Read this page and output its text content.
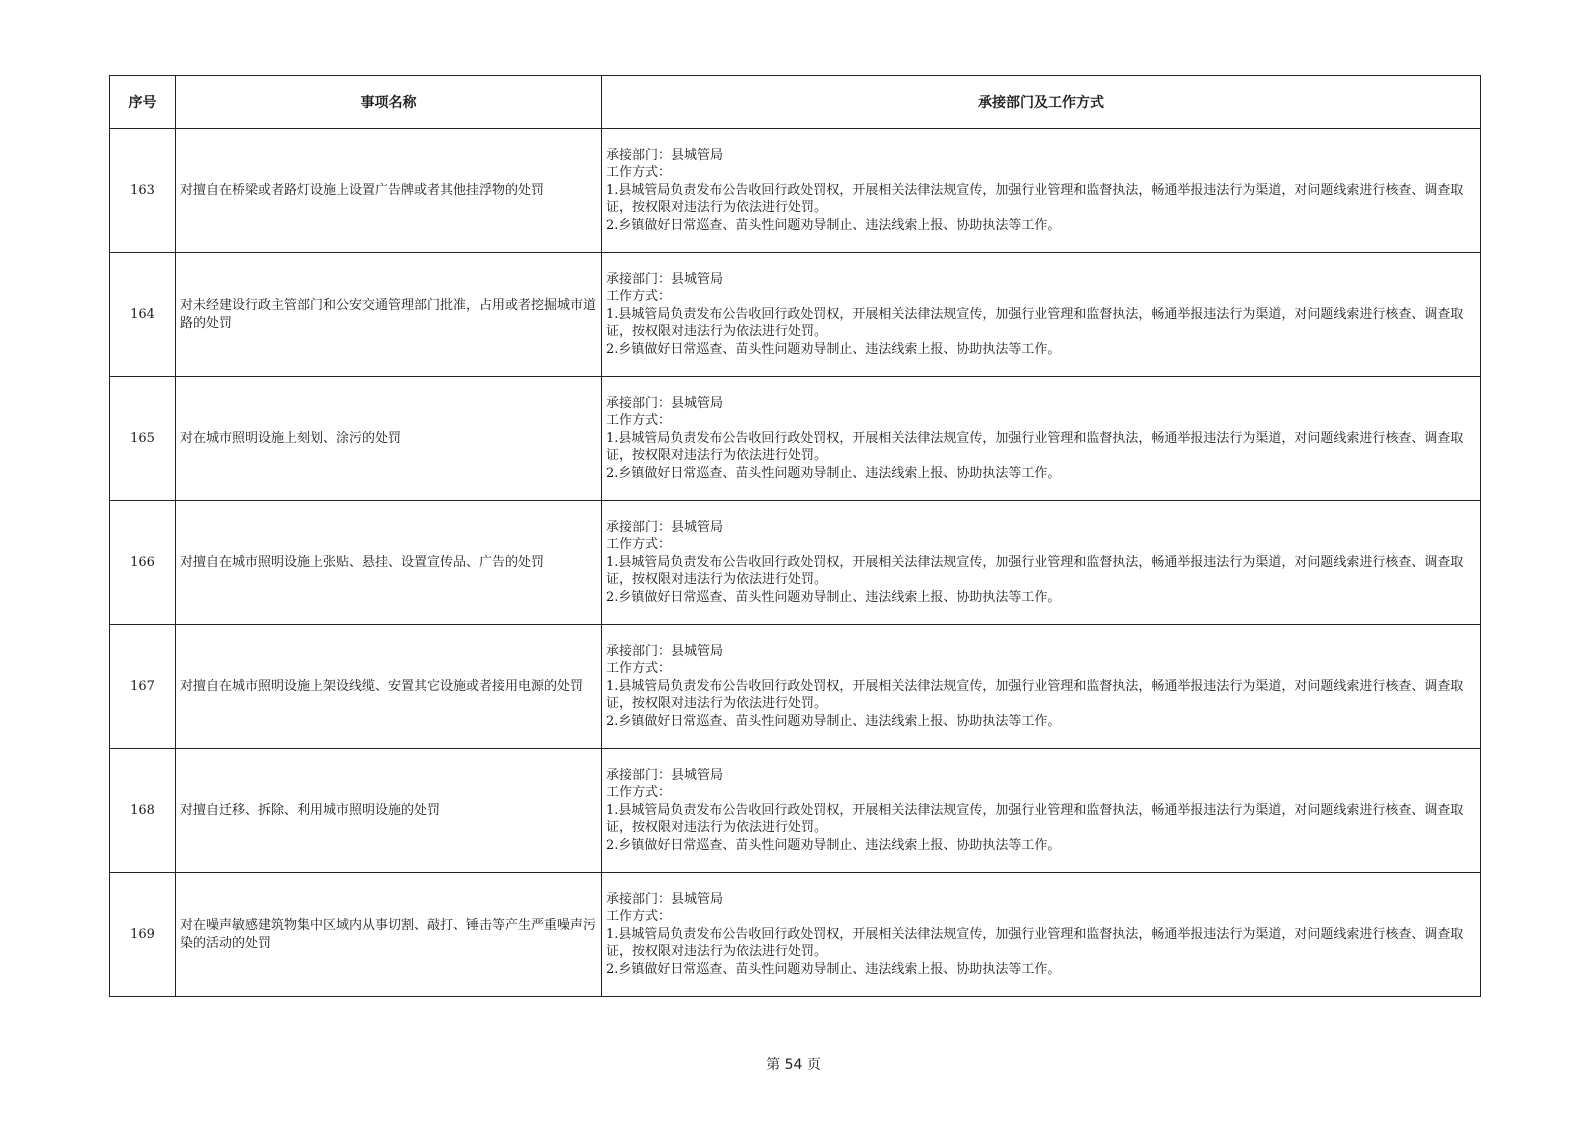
序号	事项名称	承接部门及工作方式
163	对擅自在桥梁或者路灯设施上设置广告牌或者其他挂浮物的处罚	承接部门：县城管局
工作方式：
1.县城管局负责发布公告收回行政处罚权，开展相关法律法规宣传，加强行业管理和监督执法，畅通举报违法行为渠道，对问题线索进行核查、调查取证，按权限对违法行为依法进行处罚。
2.乡镇做好日常巡查、苗头性问题劝导制止、违法线索上报、协助执法等工作。

164	对未经建设行政主管部门和公安交通管理部门批准，占用或者挖掘城市道路的处罚	承接部门：县城管局
工作方式：
1.县城管局负责发布公告收回行政处罚权，开展相关法律法规宣传，加强行业管理和监督执法，畅通举报违法行为渠道，对问题线索进行核查、调查取证，按权限对违法行为依法进行处罚。
2.乡镇做好日常巡查、苗头性问题劝导制止、违法线索上报、协助执法等工作。

165	对在城市照明设施上刻划、涂污的处罚	承接部门：县城管局
工作方式：
1.县城管局负责发布公告收回行政处罚权，开展相关法律法规宣传，加强行业管理和监督执法，畅通举报违法行为渠道，对问题线索进行核查、调查取证，按权限对违法行为依法进行处罚。
2.乡镇做好日常巡查、苗头性问题劝导制止、违法线索上报、协助执法等工作。

166	对擅自在城市照明设施上张贴、悬挂、设置宣传品、广告的处罚	承接部门：县城管局
工作方式：
1.县城管局负责发布公告收回行政处罚权，开展相关法律法规宣传，加强行业管理和监督执法，畅通举报违法行为渠道，对问题线索进行核查、调查取证，按权限对违法行为依法进行处罚。
2.乡镇做好日常巡查、苗头性问题劝导制止、违法线索上报、协助执法等工作。

167	对擅自在城市照明设施上架设线缆、安置其它设施或者接用电源的处罚	承接部门：县城管局
工作方式：
1.县城管局负责发布公告收回行政处罚权，开展相关法律法规宣传，加强行业管理和监督执法，畅通举报违法行为渠道，对问题线索进行核查、调查取证，按权限对违法行为依法进行处罚。
2.乡镇做好日常巡查、苗头性问题劝导制止、违法线索上报、协助执法等工作。

168	对擅自迁移、拆除、利用城市照明设施的处罚	承接部门：县城管局
工作方式：
1.县城管局负责发布公告收回行政处罚权，开展相关法律法规宣传，加强行业管理和监督执法，畅通举报违法行为渠道，对问题线索进行核查、调查取证，按权限对违法行为依法进行处罚。
2.乡镇做好日常巡查、苗头性问题劝导制止、违法线索上报、协助执法等工作。

169	对在噪声敏感建筑物集中区域内从事切割、敲打、锤击等产生严重噪声污染的活动的处罚	承接部门：县城管局
工作方式：
1.县城管局负责发布公告收回行政处罚权，开展相关法律法规宣传，加强行业管理和监督执法，畅通举报违法行为渠道，对问题线索进行核查、调查取证，按权限对违法行为依法进行处罚。
2.乡镇做好日常巡查、苗头性问题劝导制止、违法线索上报、协助执法等工作。
第 54 页
